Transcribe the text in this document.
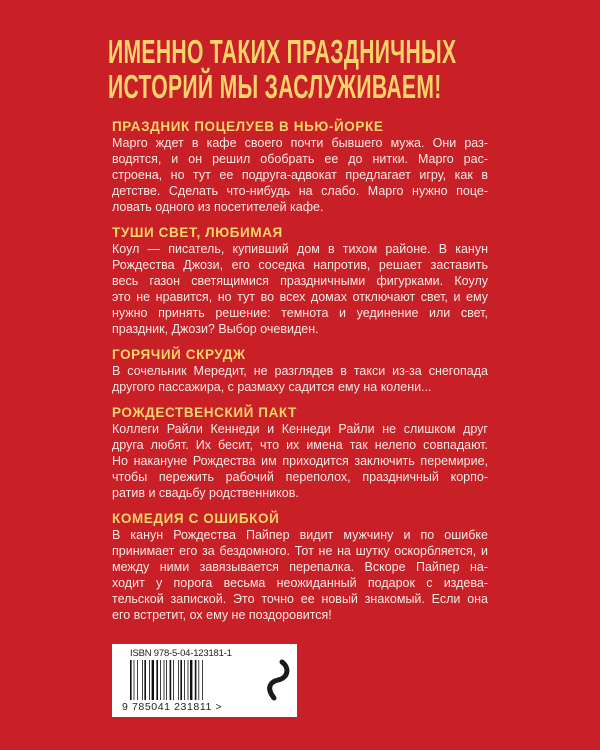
ИМЕННО ТАКИХ ПРАЗДНИЧНЫХ
ИСТОРИЙ МЫ ЗАСЛУЖИВАЕМ!
ПРАЗДНИК ПОЦЕЛУЕВ В НЬЮ-ЙОРКЕ
Марго ждет в кафе своего почти бывшего мужа. Они раз-
водятся, и он решил обобрать ее до нитки. Марго рас-
строена, но тут ее подруга-адвокат предлагает игру, как в
детстве. Сделать что-нибудь на слабо. Марго нужно поце-
ловать одного из посетителей кафе.
ТУШИ СВЕТ, ЛЮБИМАЯ
Коул — писатель, купивший дом в тихом районе. В канун
Рождества Джози, его соседка напротив, решает заставить
весь газон светящимися праздничными фигурками. Коулу
это не нравится, но тут во всех домах отключают свет, и ему
нужно принять решение: темнота и уединение или свет,
праздник, Джози? Выбор очевиден.
ГОРЯЧИЙ СКРУДЖ
В сочельник Мередит, не разглядев в такси из-за снегопада
другого пассажира, с размаху садится ему на колени...
РОЖДЕСТВЕНСКИЙ ПАКТ
Коллеги Райли Кеннеди и Кеннеди Райли не слишком друг
друга любят. Их бесит, что их имена так нелепо совпадают.
Но накануне Рождества им приходится заключить перемирие,
чтобы пережить рабочий переполох, праздничный корпо-
ратив и свадьбу родственников.
КОМЕДИЯ С ОШИБКОЙ
В канун Рождества Пайпер видит мужчину и по ошибке
принимает его за бездомного. Тот не на шутку оскорбляется, и
между ними завязывается перепалка. Вскоре Пайпер на-
ходит у порога весьма неожиданный подарок с издева-
тельской запиской. Это точно ее новый знакомый. Если она
его встретит, ох ему не поздоровится!
ISBN 978-5-04-123181-1
9 785041 231811 >
